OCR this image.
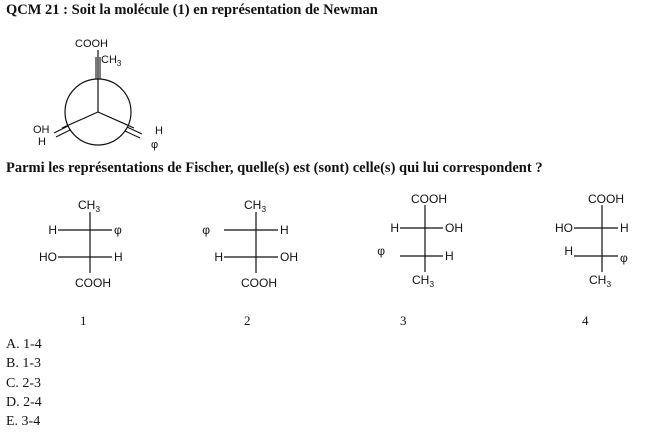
QCM 21 : Soit la molécule (1) en représentation de Newman
COOH
$CH_3$
OH
H
H
φ
$CH_3$
COOH
H	φ
HO	H
1
$CH_3$
COOH
φ	H
H	OH
2
COOH
$CH_3$
H	OH
φ	H
3
COOH
$CH_3$
HO	H
H	φ
4
Parmi les représentations de Fischer, quelle(s) est (sont) celle(s) qui lui correspondent ?
A. 1-4
B. 1-3
C. 2-3
D. 2-4
E. 3-4
